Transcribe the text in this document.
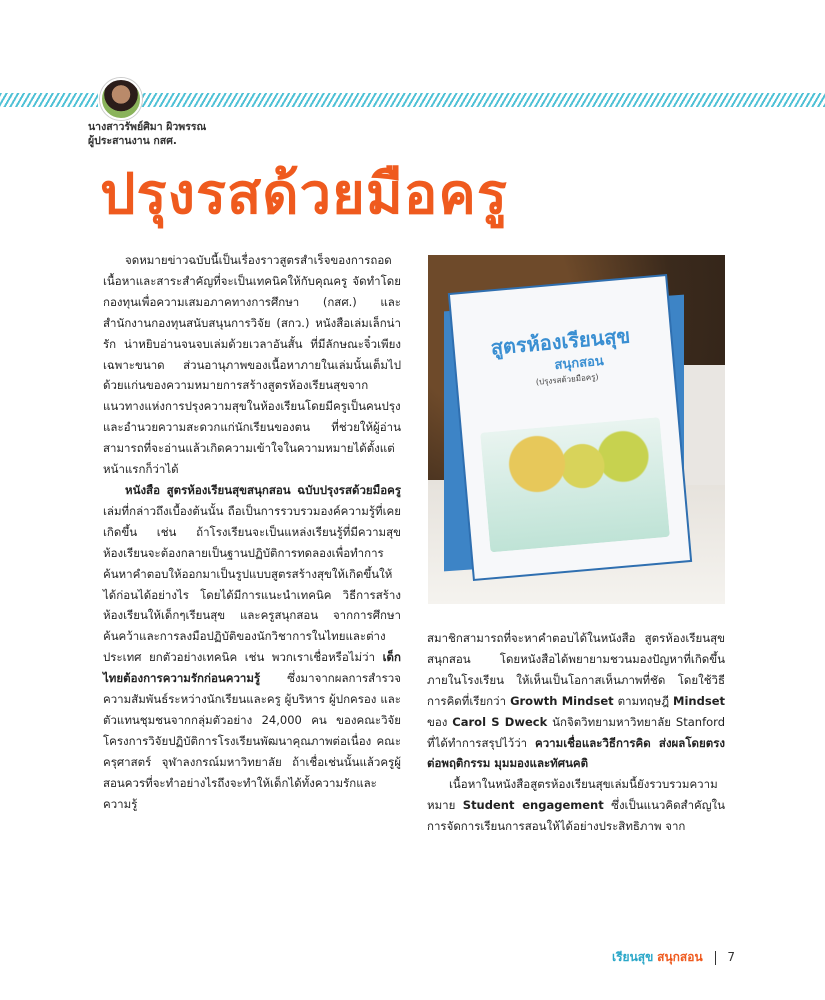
นางสาวรัพย์ศิมา ผิวพรรณ
ผู้ประสานงาน กสศ.
ปรุงรสด้วยมือครู

จดหมายข่าวฉบับนี้เป็นเรื่องราวสูตรสำเร็จของการถอดเนื้อหาและสาระสำคัญที่จะเป็นเทคนิคให้กับคุณครู จัดทำโดยกองทุนเพื่อความเสมอภาคทางการศึกษา (กสศ.) และสำนักงานกองทุนสนับสนุนการวิจัย (สกว.) หนังสือเล่มเล็กน่ารัก น่าหยิบอ่านจนจบเล่มด้วยเวลาอันสั้น ที่มีลักษณะจิ๋วเพียงเฉพาะขนาด ส่วนอานุภาพของเนื้อหาภายในเล่มนั้นเต็มไปด้วยแก่นของความหมายการสร้างสูตรห้องเรียนสุขจากแนวทางแห่งการปรุงความสุขในห้องเรียนโดยมีครูเป็นคนปรุงและอำนวยความสะดวกแก่นักเรียนของตน ที่ช่วยให้ผู้อ่านสามารถที่จะอ่านแล้วเกิดความเข้าใจในความหมายได้ตั้งแต่หน้าแรกก็ว่าได้

หนังสือ สูตรห้องเรียนสุขสนุกสอน ฉบับปรุงรสด้วยมือครู เล่มที่กล่าวถึงเบื้องต้นนั้น ถือเป็นการรวบรวมองค์ความรู้ที่เคยเกิดขึ้น เช่น ถ้าโรงเรียนจะเป็นแหล่งเรียนรู้ที่มีความสุข ห้องเรียนจะต้องกลายเป็นฐานปฏิบัติการทดลองเพื่อทำการค้นหาคำตอบให้ออกมาเป็นรูปแบบสูตรสร้างสุขให้เกิดขึ้นให้ได้ก่อนได้อย่างไร โดยได้มีการแนะนำเทคนิค วิธีการสร้างห้องเรียนให้เด็กๆเรียนสุข และครูสนุกสอน จากการศึกษาค้นคว้าและการลงมือปฏิบัติของนักวิชาการในไทยและต่างประเทศ ยกตัวอย่างเทคนิค เช่น พวกเราเชื่อหรือไม่ว่า เด็กไทยต้องการความรักก่อนความรู้ ซึ่งมาจากผลการสำรวจความสัมพันธ์ระหว่างนักเรียนและครู ผู้บริหาร ผู้ปกครอง และตัวแทนชุมชนจากกลุ่มตัวอย่าง 24,000 คน ของคณะวิจัยโครงการวิจัยปฏิบัติการโรงเรียนพัฒนาคุณภาพต่อเนื่อง คณะครุศาสตร์ จุฬาลงกรณ์มหาวิทยาลัย ถ้าเชื่อเช่นนั้นแล้วครูผู้สอนควรที่จะทำอย่างไรถึงจะทำให้เด็กได้ทั้งความรักและความรู้

สูตรห้องเรียนสุข
สนุกสอน
(ปรุงรสด้วยมือครู)

สมาชิกสามารถที่จะหาคำตอบได้ในหนังสือ สูตรห้องเรียนสุขสนุกสอน โดยหนังสือได้พยายามชวนมองปัญหาที่เกิดขึ้นภายในโรงเรียน ให้เห็นเป็นโอกาสเห็นภาพที่ชัด โดยใช้วิธีการคิดที่เรียกว่า Growth Mindset ตามทฤษฎี Mindset ของ Carol S Dweck นักจิตวิทยามหาวิทยาลัย Stanford ที่ได้ทำการสรุปไว้ว่า ความเชื่อและวิธีการคิด ส่งผลโดยตรงต่อพฤติกรรม มุมมองและทัศนคติ

เนื้อหาในหนังสือสูตรห้องเรียนสุขเล่มนี้ยังรวบรวมความหมาย Student engagement ซึ่งเป็นแนวคิดสำคัญในการจัดการเรียนการสอนให้ได้อย่างประสิทธิภาพ จาก

เรียนสุข สนุกสอน 7
